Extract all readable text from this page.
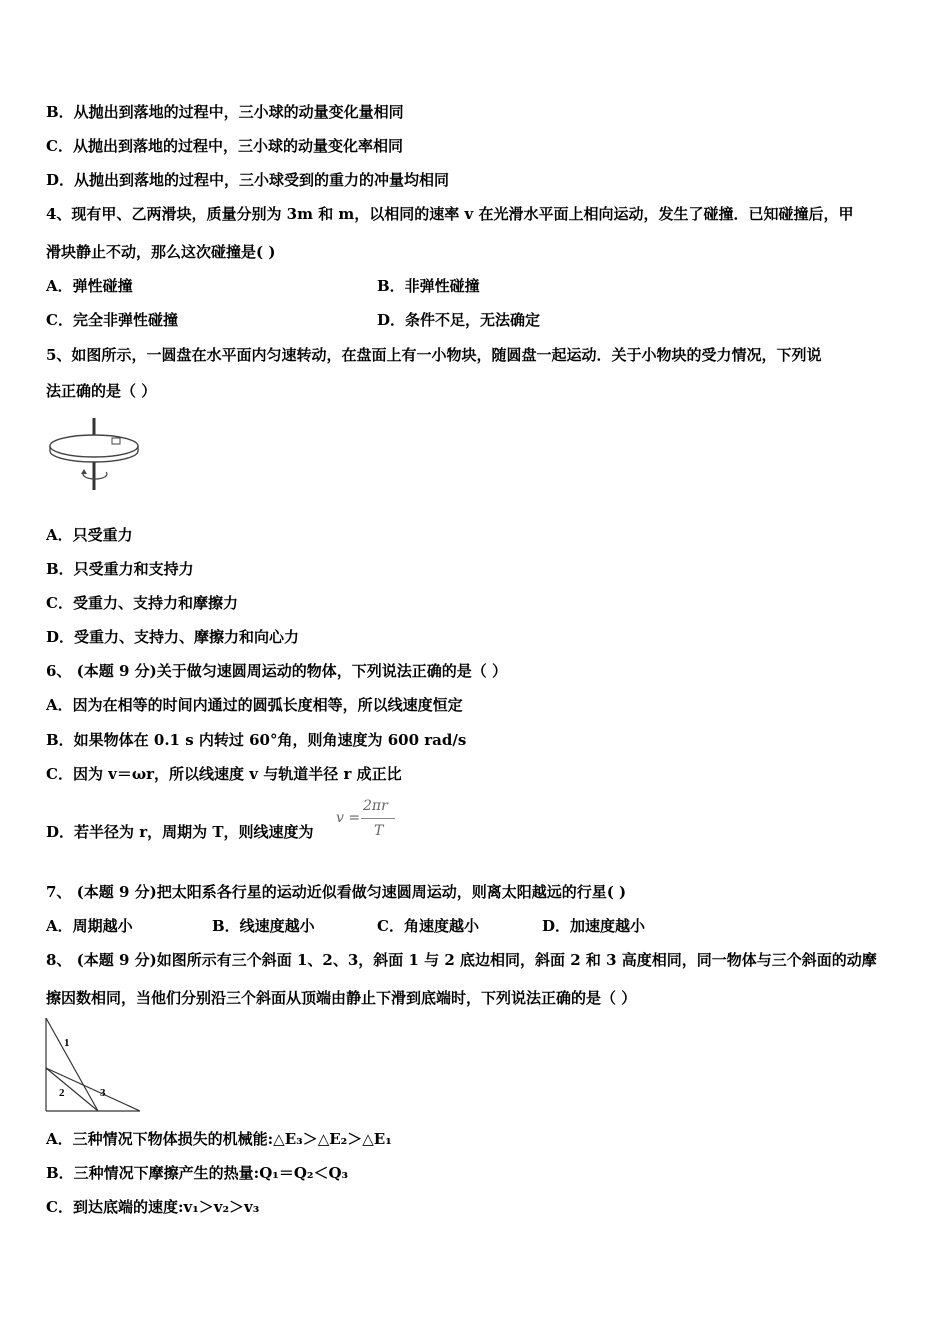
B．从抛出到落地的过程中，三小球的动量变化量相同
C．从抛出到落地的过程中，三小球的动量变化率相同
D．从抛出到落地的过程中，三小球受到的重力的冲量均相同
4、现有甲、乙两滑块，质量分别为 3m 和 m，以相同的速率 v 在光滑水平面上相向运动，发生了碰撞．已知碰撞后，甲
滑块静止不动，那么这次碰撞是( )
A．弹性碰撞	B．非弹性碰撞
C．完全非弹性碰撞	D．条件不足，无法确定
5、如图所示，一圆盘在水平面内匀速转动，在盘面上有一小物块，随圆盘一起运动．关于小物块的受力情况，下列说
法正确的是（ ）
A．只受重力
B．只受重力和支持力
C．受重力、支持力和摩擦力
D．受重力、支持力、摩擦力和向心力
6、 (本题 9 分)关于做匀速圆周运动的物体，下列说法正确的是（ ）
A．因为在相等的时间内通过的圆弧长度相等，所以线速度恒定
B．如果物体在 0.1 s 内转过 60°角，则角速度为 600 rad/s
C．因为 v＝ωr，所以线速度 v 与轨道半径 r 成正比
D．若半径为 r，周期为 T，则线速度为
v =
2πr
T
7、 (本题 9 分)把太阳系各行星的运动近似看做匀速圆周运动，则离太阳越远的行星( )
A．周期越小	B．线速度越小	C．角速度越小	D．加速度越小
8、 (本题 9 分)如图所示有三个斜面 1、2、3，斜面 1 与 2 底边相同，斜面 2 和 3 高度相同，同一物体与三个斜面的动摩
擦因数相同，当他们分别沿三个斜面从顶端由静止下滑到底端时，下列说法正确的是（ ）
1
2	3
A．三种情况下物体损失的机械能:△E₃＞△E₂＞△E₁
B．三种情况下摩擦产生的热量:Q₁＝Q₂＜Q₃
C．到达底端的速度:v₁＞v₂＞v₃
